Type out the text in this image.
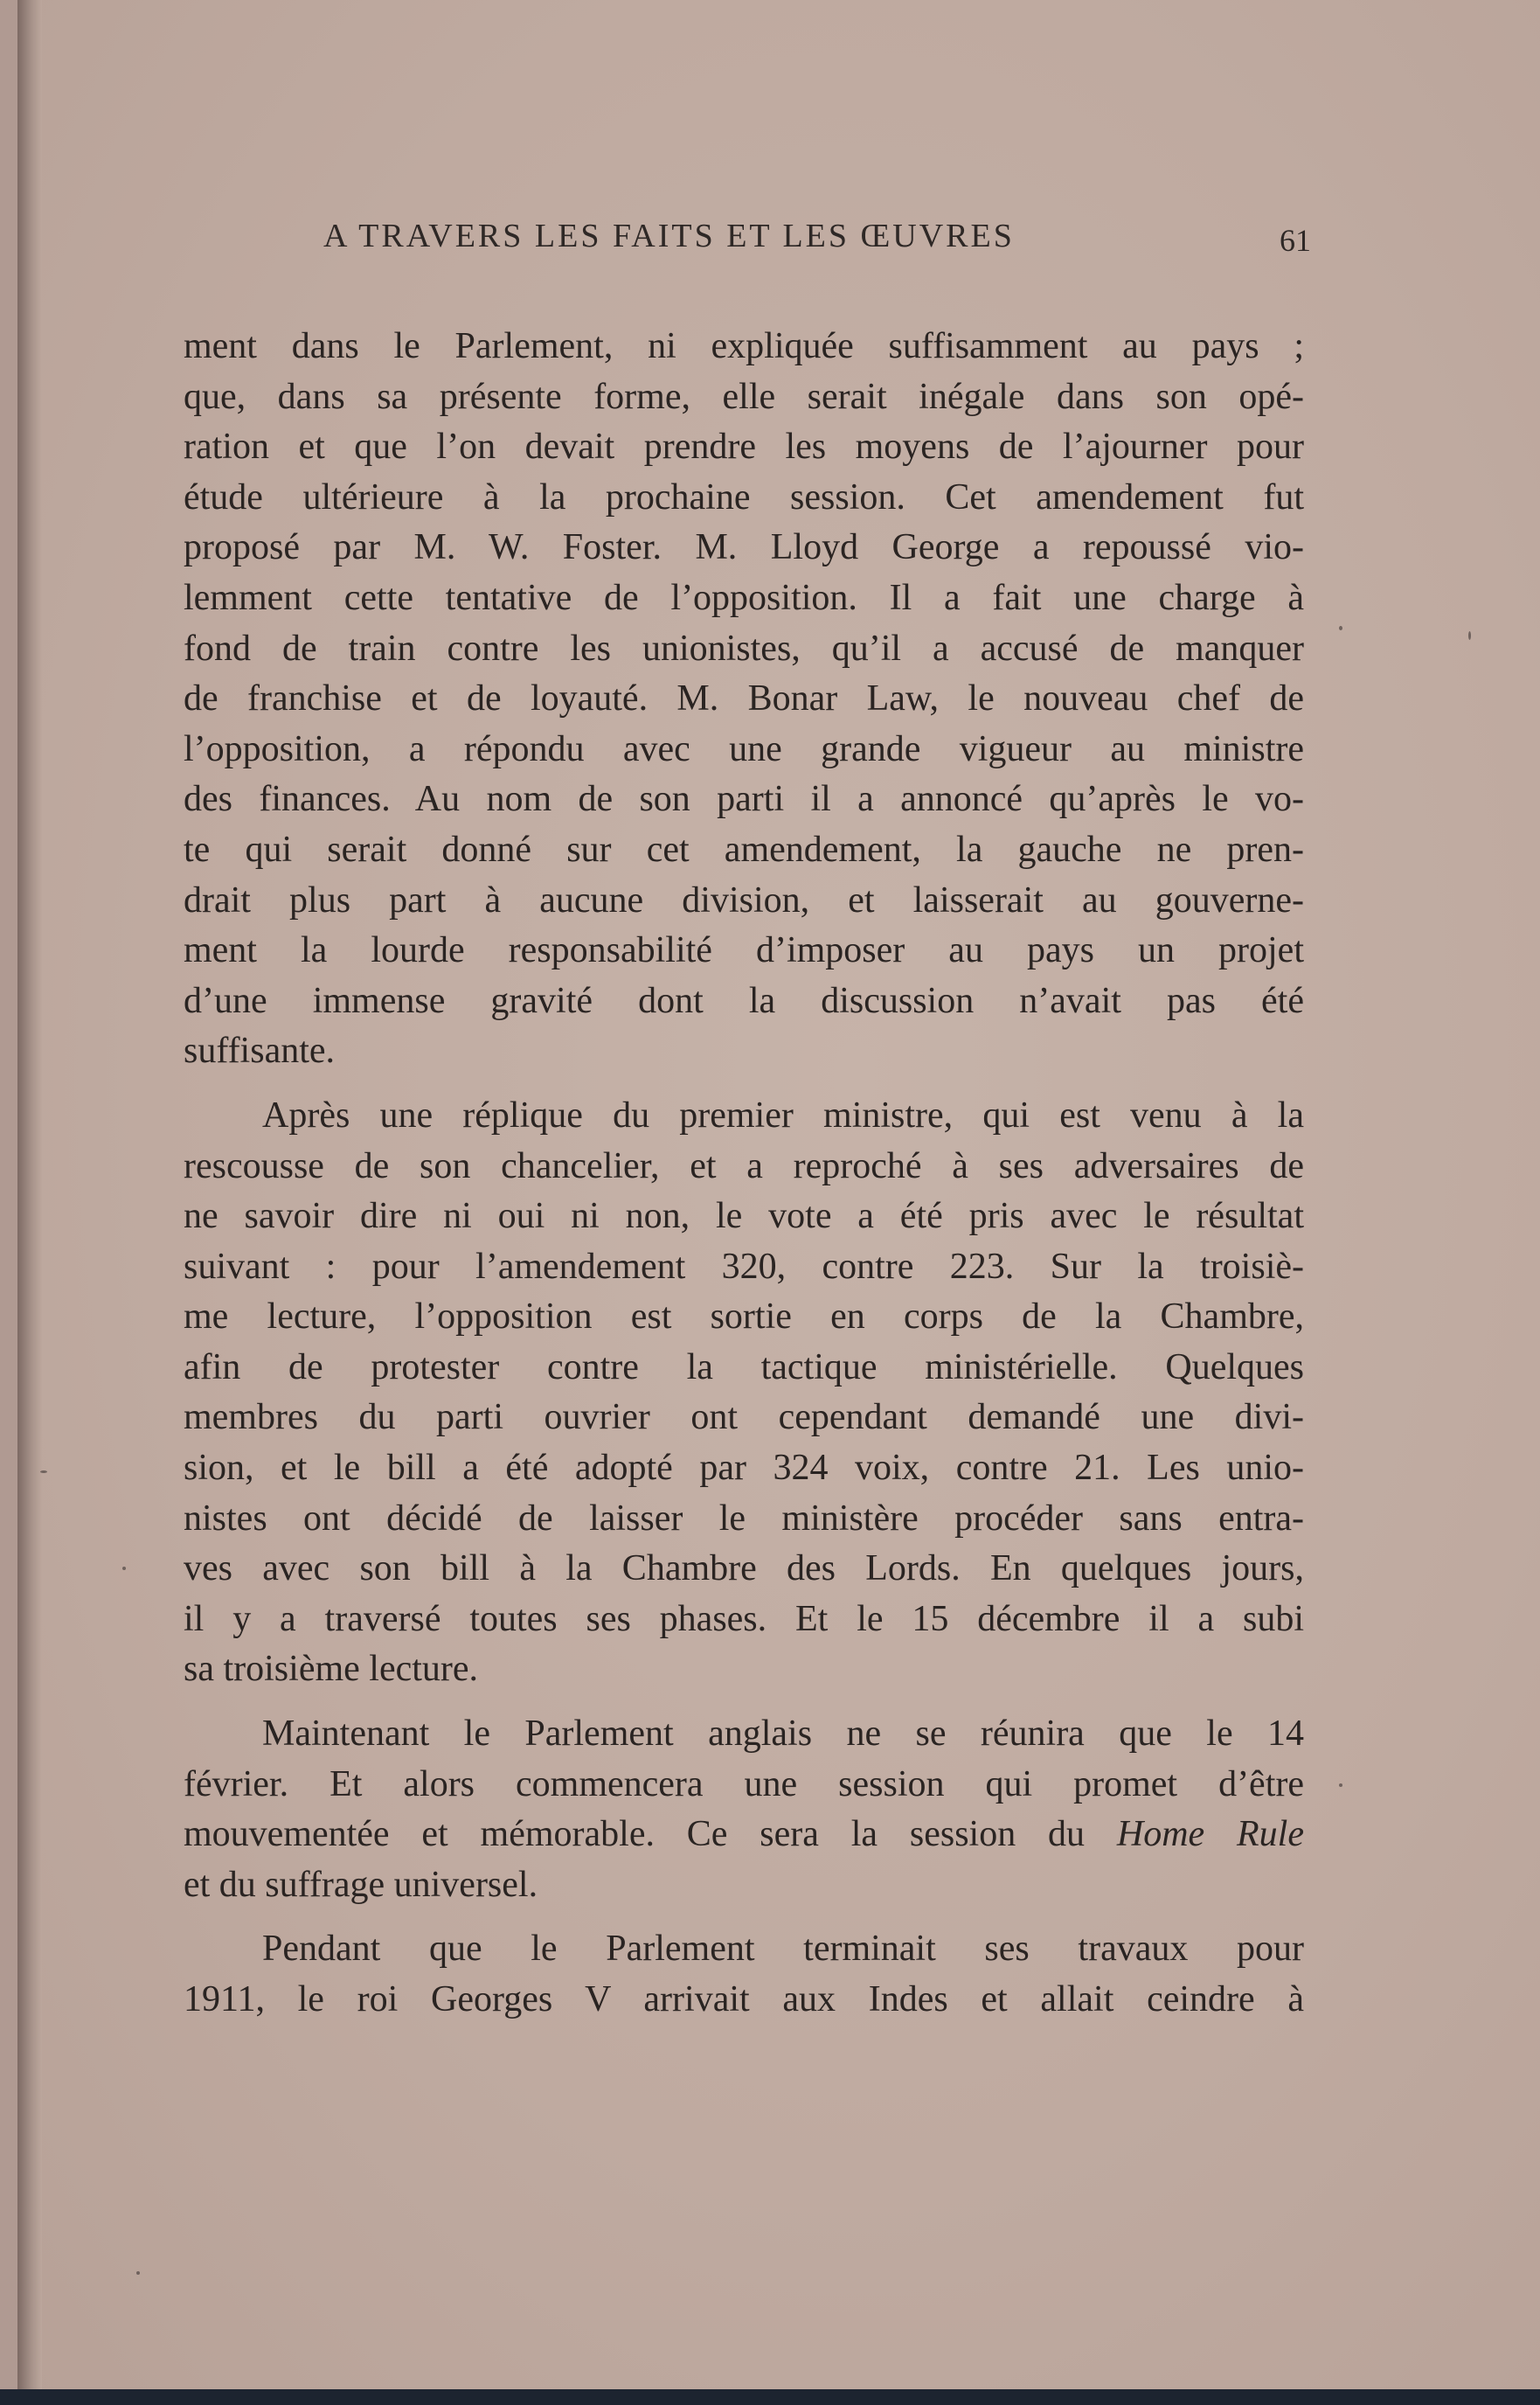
A TRAVERS LES FAITS ET LES ŒUVRES	61

ment dans le Parlement, ni expliquée suffisamment au pays ;

que, dans sa présente forme, elle serait inégale dans son opé-

ration et que l’on devait prendre les moyens de l’ajourner pour

étude ultérieure à la prochaine session. Cet amendement fut

proposé par M. W. Foster. M. Lloyd George a repoussé vio-

lemment cette tentative de l’opposition. Il a fait une charge à

fond de train contre les unionistes, qu’il a accusé de manquer

de franchise et de loyauté. M. Bonar Law, le nouveau chef de

l’opposition, a répondu avec une grande vigueur au ministre

des finances. Au nom de son parti il a annoncé qu’après le vo-

te qui serait donné sur cet amendement, la gauche ne pren-

drait plus part à aucune division, et laisserait au gouverne-

ment la lourde responsabilité d’imposer au pays un projet

d’une immense gravité dont la discussion n’avait pas été

suffisante.

Après une réplique du premier ministre, qui est venu à la

rescousse de son chancelier, et a reproché à ses adversaires de

ne savoir dire ni oui ni non, le vote a été pris avec le résultat

suivant : pour l’amendement 320, contre 223. Sur la troisiè-

me lecture, l’opposition est sortie en corps de la Chambre,

afin de protester contre la tactique ministérielle. Quelques

membres du parti ouvrier ont cependant demandé une divi-

sion, et le bill a été adopté par 324 voix, contre 21. Les unio-

nistes ont décidé de laisser le ministère procéder sans entra-

ves avec son bill à la Chambre des Lords. En quelques jours,

il y a traversé toutes ses phases. Et le 15 décembre il a subi

sa troisième lecture.

Maintenant le Parlement anglais ne se réunira que le 14

février. Et alors commencera une session qui promet d’être

mouvementée et mémorable. Ce sera la session du Home Rule

et du suffrage universel.

Pendant que le Parlement terminait ses travaux pour

1911, le roi Georges V arrivait aux Indes et allait ceindre à
